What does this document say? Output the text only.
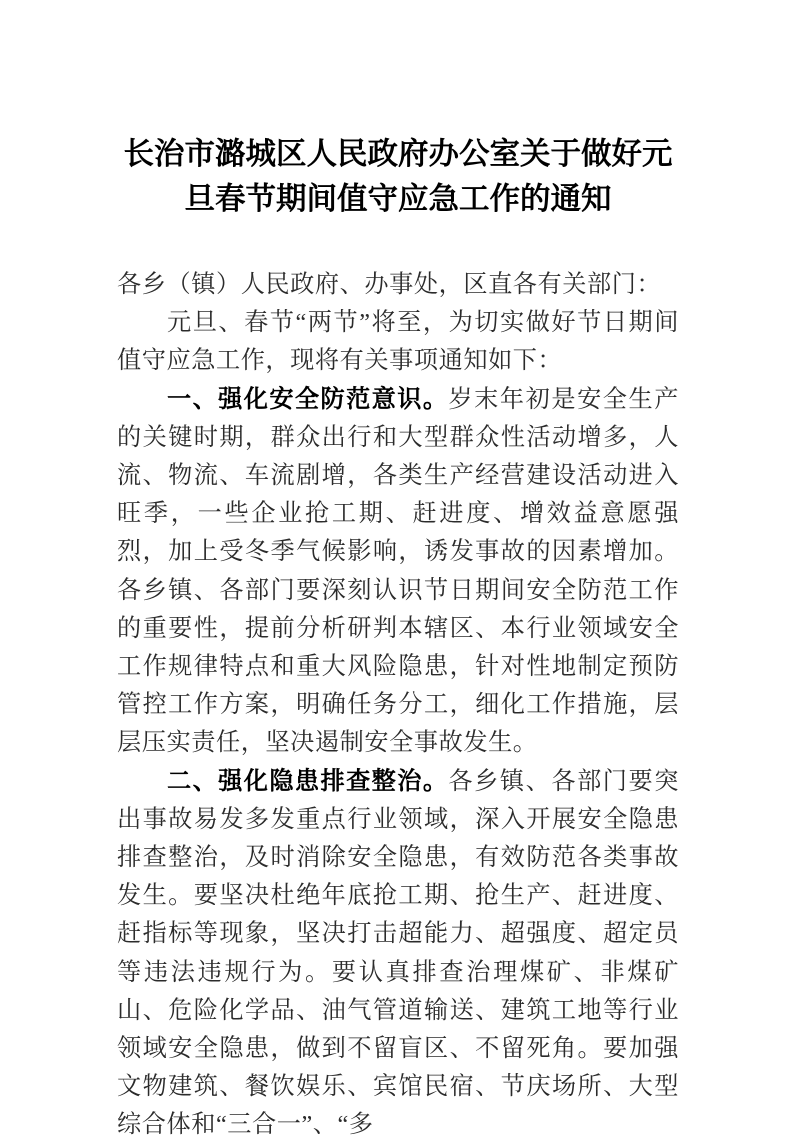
长治市潞城区人民政府办公室关于做好元
旦春节期间值守应急工作的通知

各乡（镇）人民政府、办事处，区直各有关部门：

元旦、春节“两节”将至，为切实做好节日期间值守应急工作，现将有关事项通知如下：

一、强化安全防范意识。岁末年初是安全生产的关键时期，群众出行和大型群众性活动增多，人流、物流、车流剧增，各类生产经营建设活动进入旺季，一些企业抢工期、赶进度、增效益意愿强烈，加上受冬季气候影响，诱发事故的因素增加。各乡镇、各部门要深刻认识节日期间安全防范工作的重要性，提前分析研判本辖区、本行业领域安全工作规律特点和重大风险隐患，针对性地制定预防管控工作方案，明确任务分工，细化工作措施，层层压实责任，坚决遏制安全事故发生。

二、强化隐患排查整治。各乡镇、各部门要突出事故易发多发重点行业领域，深入开展安全隐患排查整治，及时消除安全隐患，有效防范各类事故发生。要坚决杜绝年底抢工期、抢生产、赶进度、赶指标等现象，坚决打击超能力、超强度、超定员等违法违规行为。要认真排查治理煤矿、非煤矿山、危险化学品、油气管道输送、建筑工地等行业领域安全隐患，做到不留盲区、不留死角。要加强文物建筑、餐饮娱乐、宾馆民宿、节庆场所、大型综合体和“三合一”、“多
